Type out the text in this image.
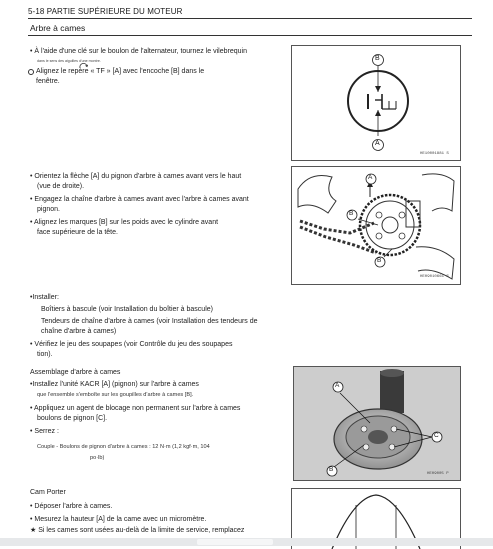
5-18 PARTIE SUPÉRIEURE DU MOTEUR
Arbre à cames
• À l'aide d'une clé sur le boulon de l'alternateur, tournez le vilebrequin
dans le sens des aiguilles d'une montre.
Alignez le repère « TF » [A] avec l'encoche [B] dans le
fenêtre.
B
A
HE10001881 S
• Orientez la flèche [A] du pignon d'arbre à cames avant vers le haut
(vue de droite).
• Engagez la chaîne d'arbre à cames avant avec l'arbre à cames avant
pignon.
• Alignez les marques [B] sur les poids avec le cylindre avant
face supérieure de la tête.
A
B
B
HE09010661 S
•Installer:
Boîtiers à bascule (voir Installation du boîtier à bascule)
Tendeurs de chaîne d'arbre à cames (voir Installation des tendeurs de
chaîne d'arbre à cames)
• Vérifiez le jeu des soupapes (voir Contrôle du jeu des soupapes
tion).
Assemblage d'arbre à cames
•Installez l'unité KACR [A] (pignon) sur l'arbre à cames
que l'ensemble s'emboîte sur les goupilles d'arbre à cames [B].
• Appliquez un agent de blocage non permanent sur l'arbre à cames
boulons de pignon [C].
• Serrez :
Couple - Boulons de pignon d'arbre à cames : 12 N·m (1,2 kgf·m, 104
po·lb)
A
B
C
HE09005 P
Cam Porter
• Déposer l'arbre à cames.
• Mesurez la hauteur [A] de la came avec un micromètre.
★ Si les cames sont usées au-delà de la limite de service, remplacez
